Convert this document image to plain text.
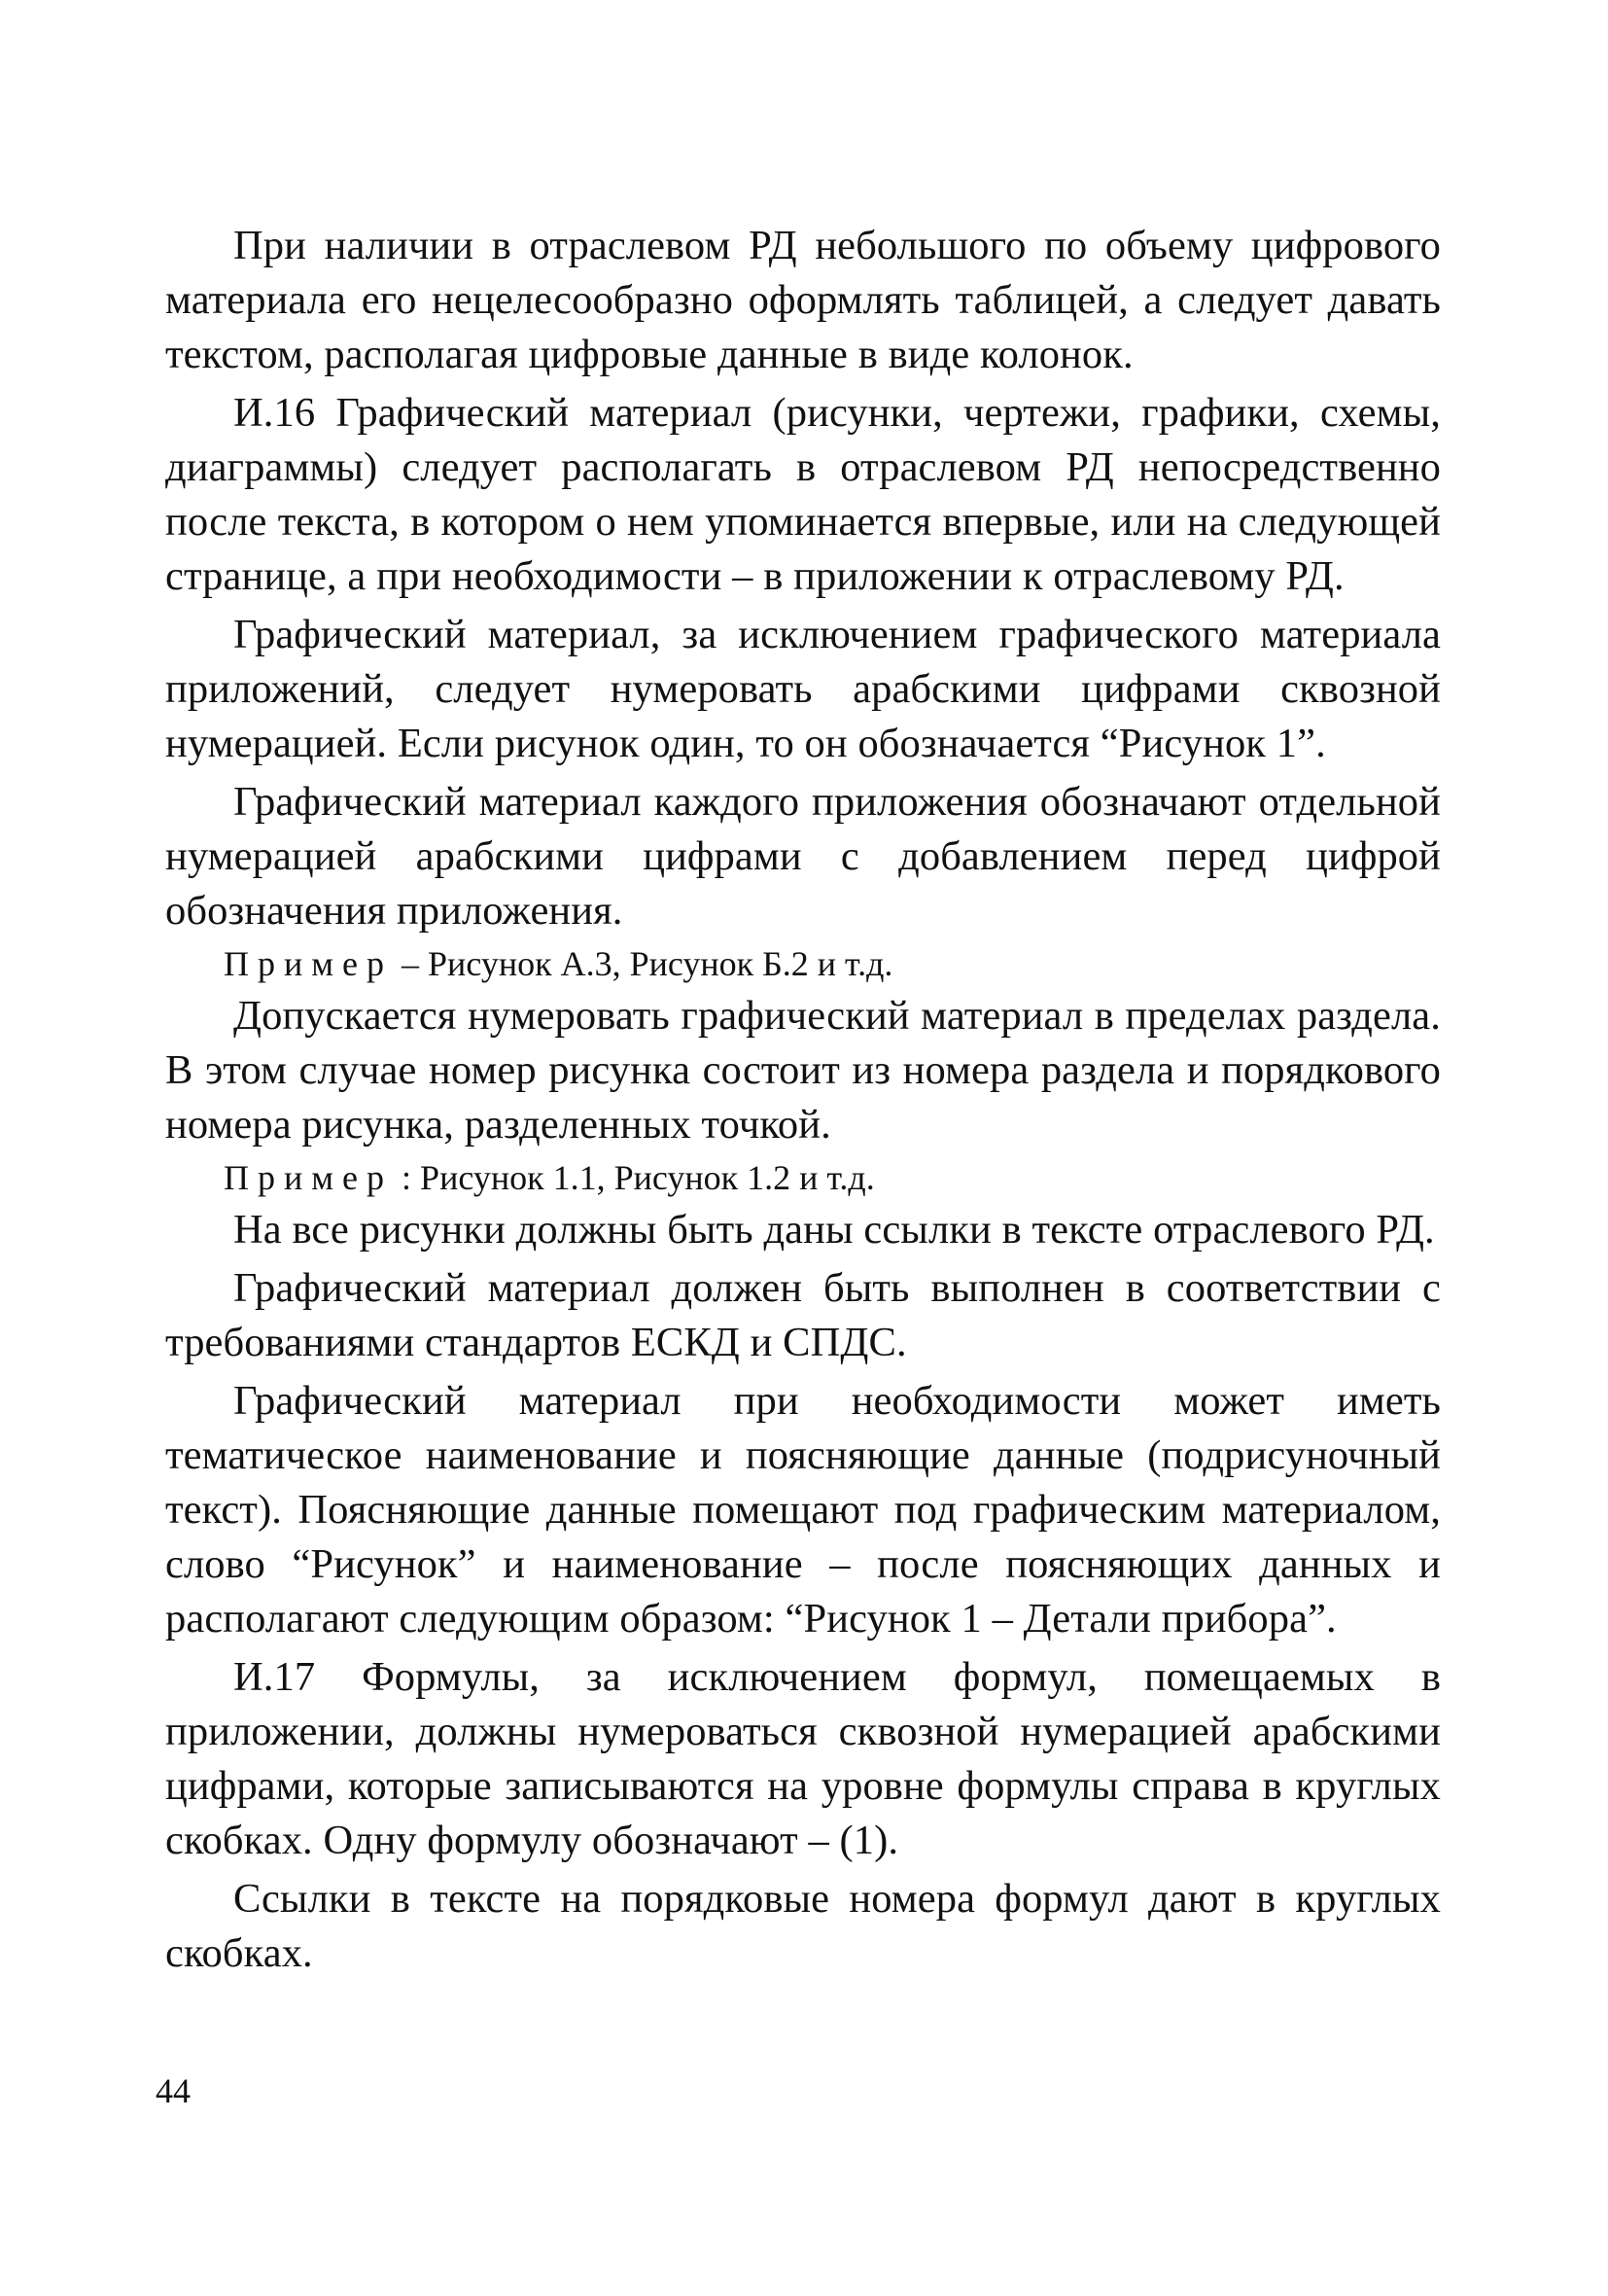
При наличии в отраслевом РД небольшого по объему цифрового материала его нецелесообразно оформлять таблицей, а следует давать текстом, располагая цифровые данные в виде колонок.

И.16 Графический материал (рисунки, чертежи, графики, схемы, диаграммы) следует располагать в отраслевом РД непосредственно после текста, в котором о нем упоминается впервые, или на следующей странице, а при необходимости – в приложении к отраслевому РД.

Графический материал, за исключением графического материала приложений, следует нумеровать арабскими цифрами сквозной нумерацией. Если рисунок один, то он обозначается “Рисунок 1”.

Графический материал каждого приложения обозначают отдельной нумерацией арабскими цифрами с добавлением перед цифрой обозначения приложения.

Пример – Рисунок А.3, Рисунок Б.2 и т.д.

Допускается нумеровать графический материал в пределах раздела. В этом случае номер рисунка состоит из номера раздела и порядкового номера рисунка, разделенных точкой.

Пример : Рисунок 1.1, Рисунок 1.2 и т.д.

На все рисунки должны быть даны ссылки в тексте отраслевого РД.

Графический материал должен быть выполнен в соответствии с требованиями стандартов ЕСКД и СПДС.

Графический материал при необходимости может иметь тематическое наименование и поясняющие данные (подрисуночный текст). Поясняющие данные помещают под графическим материалом, слово “Рисунок” и наименование – после поясняющих данных и располагают следующим образом: “Рисунок 1 – Детали прибора”.

И.17 Формулы, за исключением формул, помещаемых в приложении, должны нумероваться сквозной нумерацией арабскими цифрами, которые записываются на уровне формулы справа в круглых скобках. Одну формулу обозначают – (1).

Ссылки в тексте на порядковые номера формул дают в круглых скобках.

44
